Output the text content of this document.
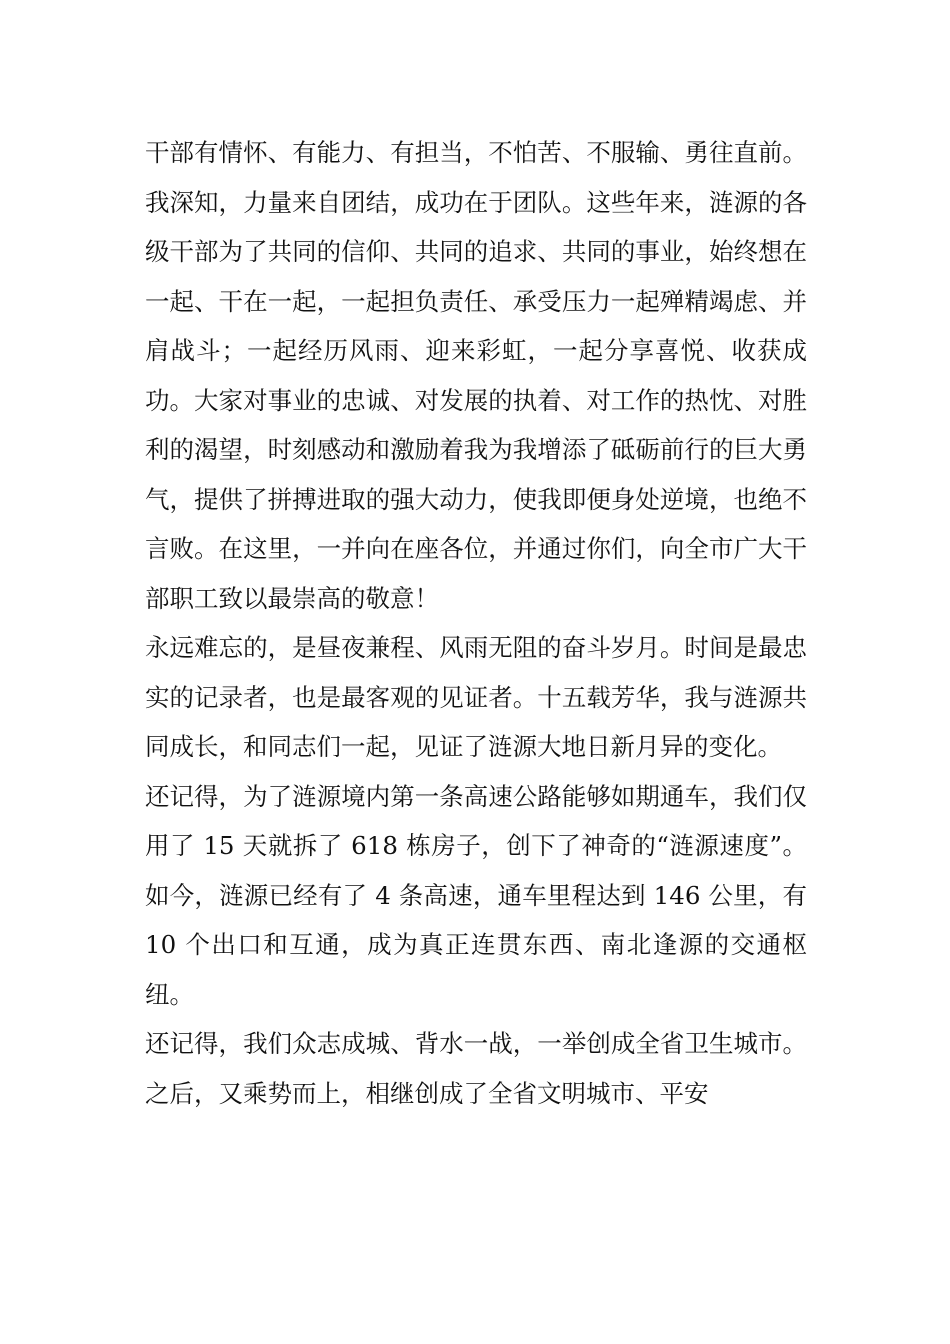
干部有情怀、有能力、有担当，不怕苦、不服输、勇往直前。我深知，力量来自团结，成功在于团队。这些年来，涟源的各级干部为了共同的信仰、共同的追求、共同的事业，始终想在一起、干在一起，一起担负责任、承受压力一起殚精竭虑、并肩战斗；一起经历风雨、迎来彩虹，一起分享喜悦、收获成功。大家对事业的忠诚、对发展的执着、对工作的热忱、对胜利的渴望，时刻感动和激励着我为我增添了砥砺前行的巨大勇气，提供了拼搏进取的强大动力，使我即便身处逆境，也绝不言败。在这里，一并向在座各位，并通过你们，向全市广大干部职工致以最崇高的敬意！

永远难忘的，是昼夜兼程、风雨无阻的奋斗岁月。时间是最忠实的记录者，也是最客观的见证者。十五载芳华，我与涟源共同成长，和同志们一起，见证了涟源大地日新月异的变化。

还记得，为了涟源境内第一条高速公路能够如期通车，我们仅用了 15 天就拆了 618 栋房子，创下了神奇的“涟源速度”。如今，涟源已经有了 4 条高速，通车里程达到 146 公里，有 10 个出口和互通，成为真正连贯东西、南北逢源的交通枢纽。

还记得，我们众志成城、背水一战，一举创成全省卫生城市。之后，又乘势而上，相继创成了全省文明城市、平安
